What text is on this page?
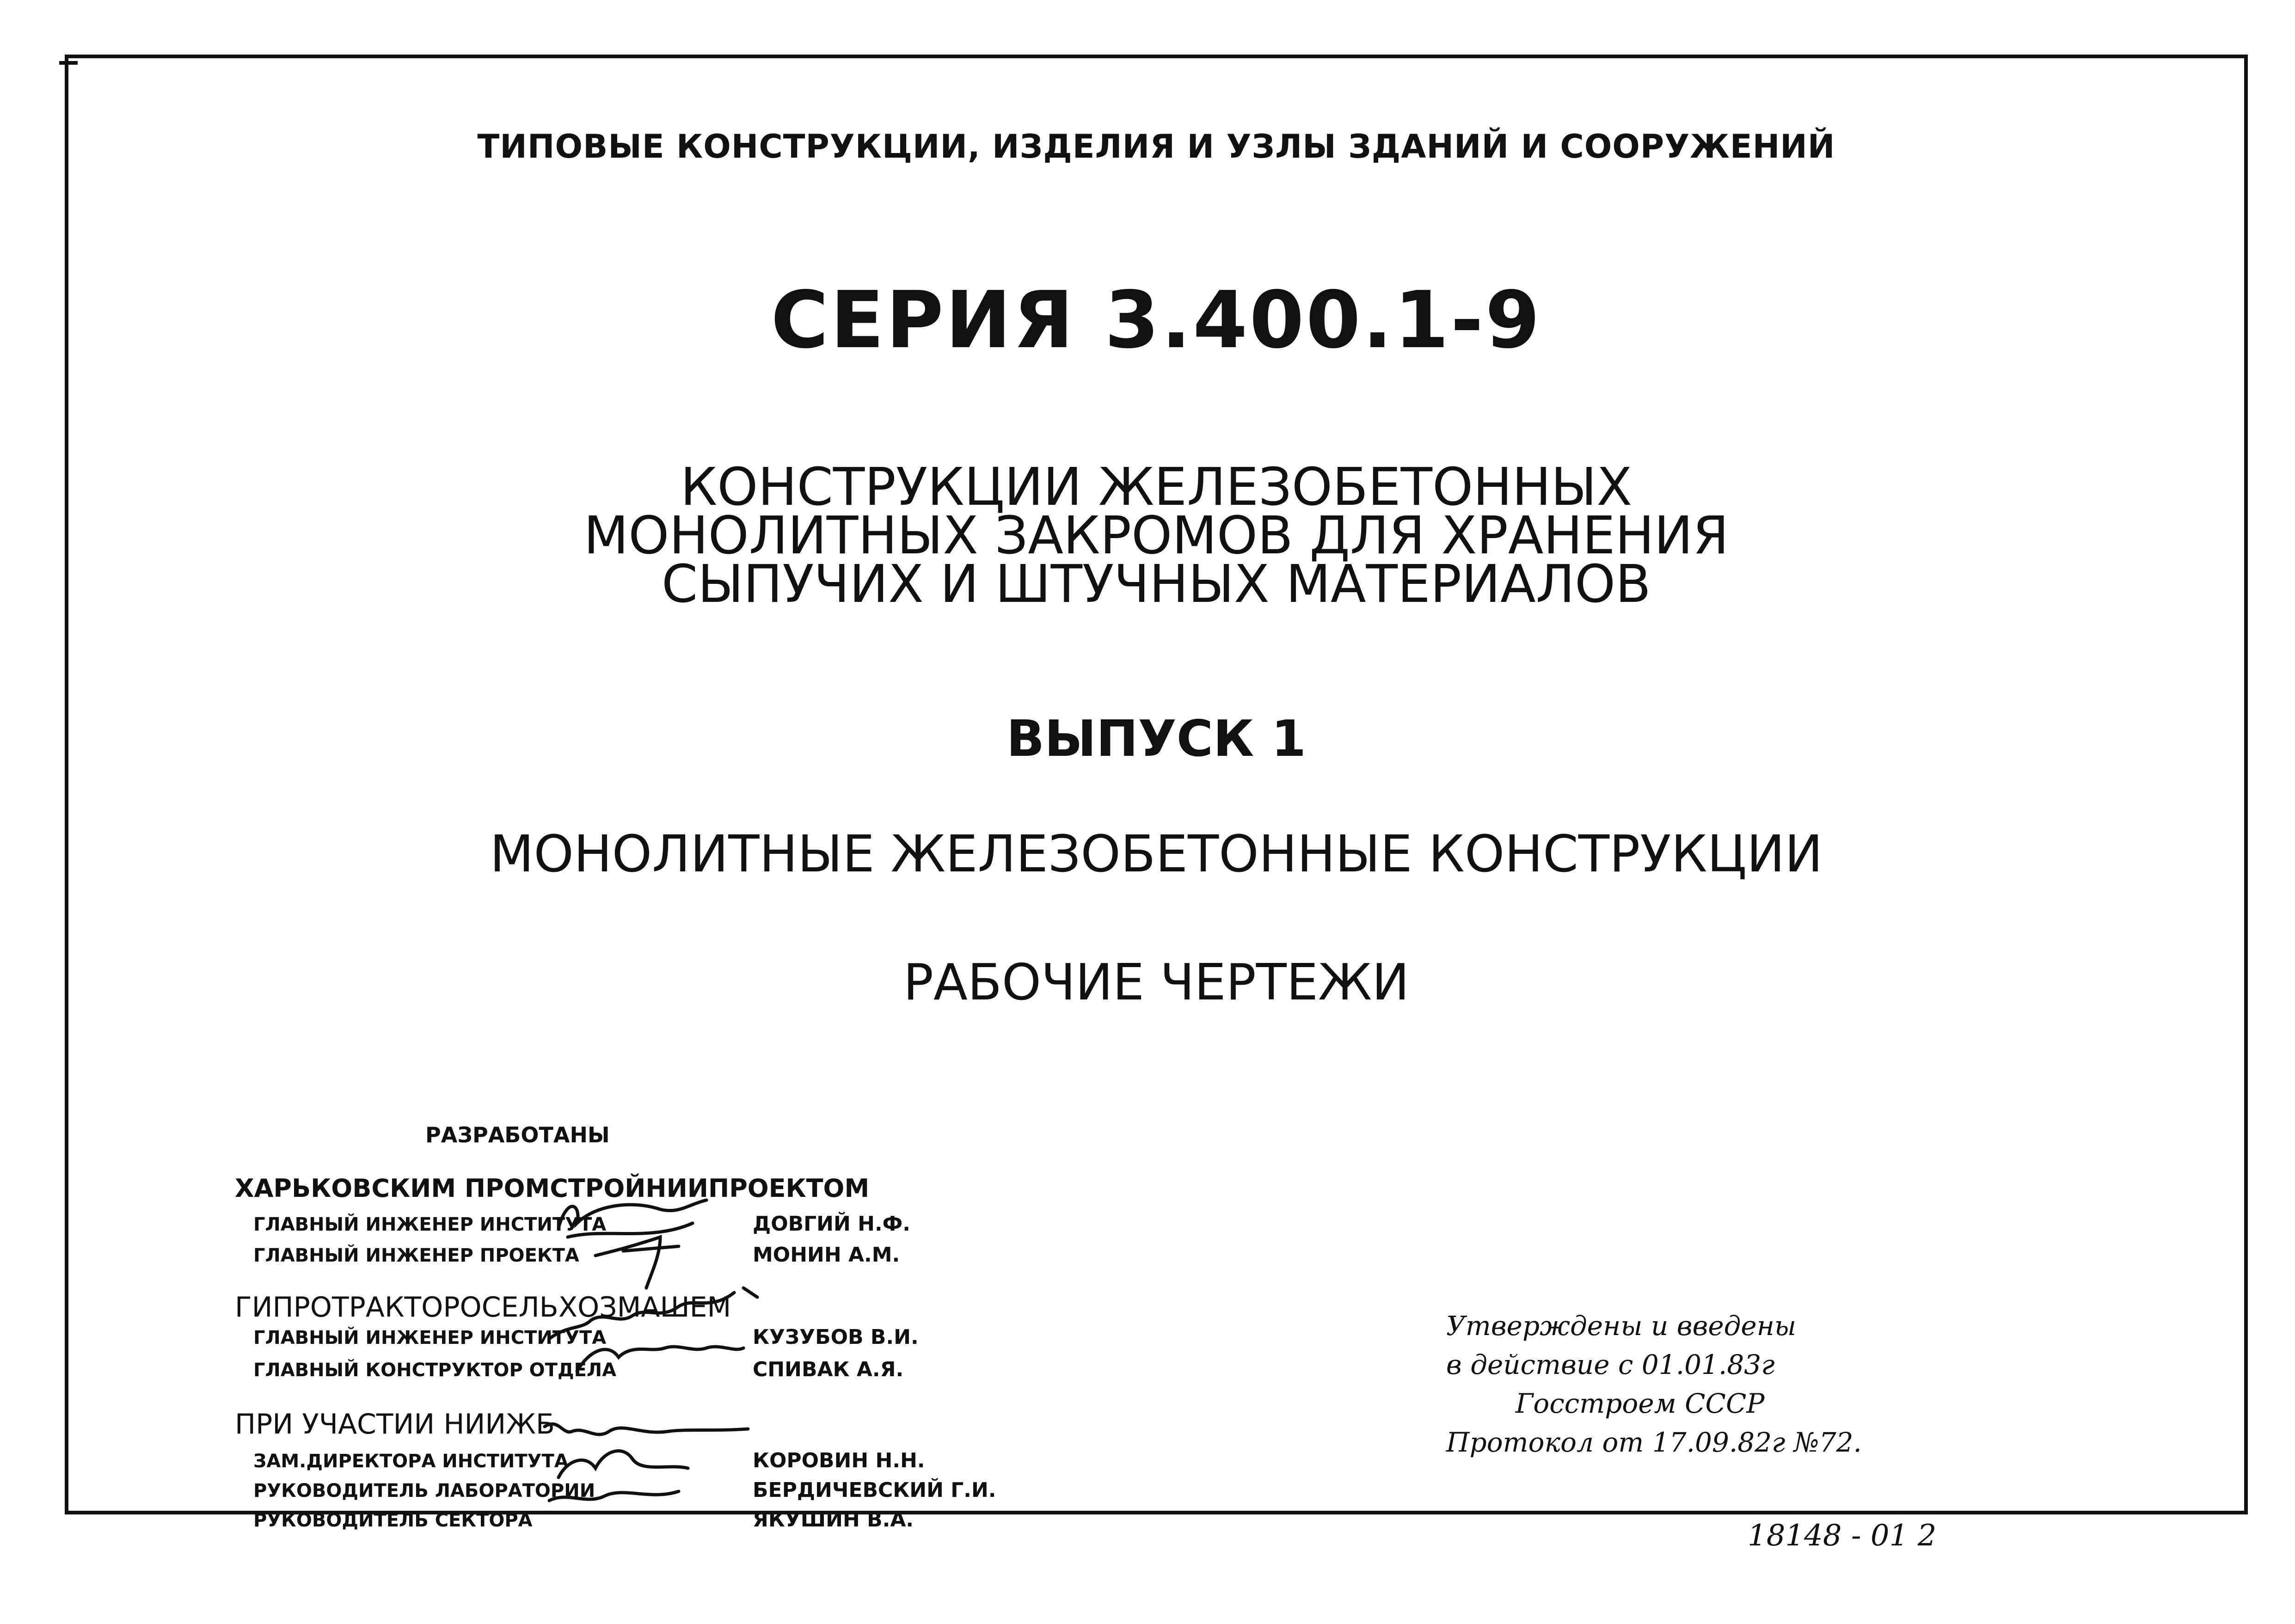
ТИПОВЫЕ КОНСТРУКЦИИ, ИЗДЕЛИЯ И УЗЛЫ ЗДАНИЙ И СООРУЖЕНИЙ
СЕРИЯ 3.400.1-9
КОНСТРУКЦИИ ЖЕЛЕЗОБЕТОННЫХ
МОНОЛИТНЫХ ЗАКРОМОВ ДЛЯ ХРАНЕНИЯ
СЫПУЧИХ И ШТУЧНЫХ МАТЕРИАЛОВ
ВЫПУСК 1
МОНОЛИТНЫЕ ЖЕЛЕЗОБЕТОННЫЕ КОНСТРУКЦИИ
РАБОЧИЕ ЧЕРТЕЖИ
РАЗРАБОТАНЫ
ХАРЬКОВСКИМ ПРОМСТРОЙНИИПРОЕКТОМ
ГЛАВНЫЙ ИНЖЕНЕР ИНСТИТУТА	ДОВГИЙ Н.Ф.
ГЛАВНЫЙ ИНЖЕНЕР ПРОЕКТА	МОНИН А.М.
ГИПРОТРАКТОРОСЕЛЬХОЗМАШЕМ
ГЛАВНЫЙ ИНЖЕНЕР ИНСТИТУТА	КУЗУБОВ В.И.
ГЛАВНЫЙ КОНСТРУКТОР ОТДЕЛА	СПИВАК А.Я.
ПРИ УЧАСТИИ НИИЖБ
ЗАМ.ДИРЕКТОРА ИНСТИТУТА	КОРОВИН Н.Н.
РУКОВОДИТЕЛЬ ЛАБОРАТОРИИ	БЕРДИЧЕВСКИЙ Г.И.
РУКОВОДИТЕЛЬ СЕКТОРА	ЯКУШИН В.А.
Утверждены и введены
в действие с 01.01.83г
Госстроем СССР
Протокол от 17.09.82г №72.
18148 - 01 2
